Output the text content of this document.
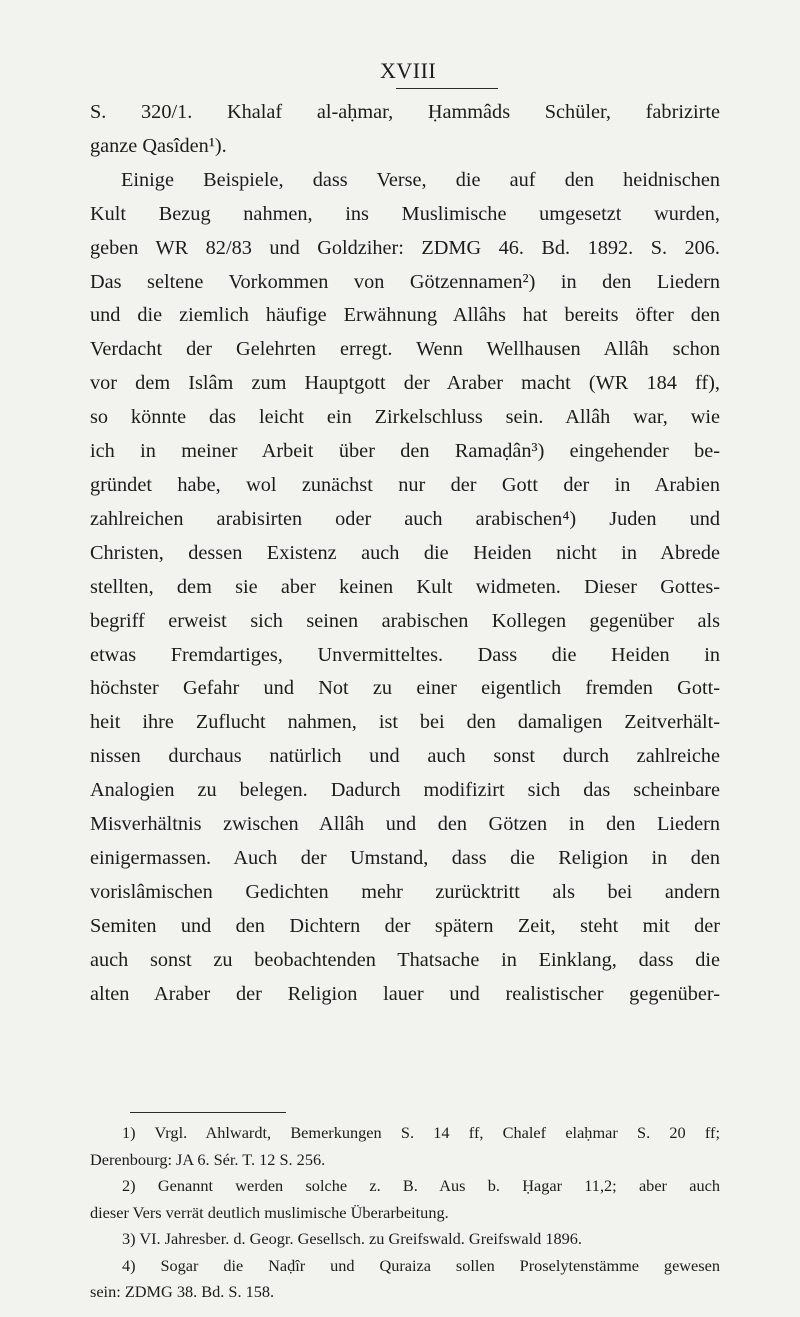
XVIII
S. 320/1. Khalaf al-aḥmar, Ḥammâds Schüler, fabrizirte
ganze Qasîden¹).
Einige Beispiele, dass Verse, die auf den heidnischen
Kult Bezug nahmen, ins Muslimische umgesetzt wurden,
geben WR 82/83 und Goldziher: ZDMG 46. Bd. 1892. S. 206.
Das seltene Vorkommen von Götzennamen²) in den Liedern
und die ziemlich häufige Erwähnung Allâhs hat bereits öfter den
Verdacht der Gelehrten erregt. Wenn Wellhausen Allâh schon
vor dem Islâm zum Hauptgott der Araber macht (WR 184 ff),
so könnte das leicht ein Zirkelschluss sein. Allâh war, wie
ich in meiner Arbeit über den Ramaḍân³) eingehender be-
gründet habe, wol zunächst nur der Gott der in Arabien
zahlreichen arabisirten oder auch arabischen⁴) Juden und
Christen, dessen Existenz auch die Heiden nicht in Abrede
stellten, dem sie aber keinen Kult widmeten. Dieser Gottes-
begriff erweist sich seinen arabischen Kollegen gegenüber als
etwas Fremdartiges, Unvermitteltes. Dass die Heiden in
höchster Gefahr und Not zu einer eigentlich fremden Gott-
heit ihre Zuflucht nahmen, ist bei den damaligen Zeitverhält-
nissen durchaus natürlich und auch sonst durch zahlreiche
Analogien zu belegen. Dadurch modifizirt sich das scheinbare
Misverhältnis zwischen Allâh und den Götzen in den Liedern
einigermassen. Auch der Umstand, dass die Religion in den
vorislâmischen Gedichten mehr zurücktritt als bei andern
Semiten und den Dichtern der spätern Zeit, steht mit der
auch sonst zu beobachtenden Thatsache in Einklang, dass die
alten Araber der Religion lauer und realistischer gegenüber-
1) Vrgl. Ahlwardt, Bemerkungen S. 14 ff, Chalef elaḥmar S. 20 ff;
Derenbourg: JA 6. Sér. T. 12 S. 256.
2) Genannt werden solche z. B. Aus b. Ḥagar 11,2; aber auch
dieser Vers verrät deutlich muslimische Überarbeitung.
3) VI. Jahresber. d. Geogr. Gesellsch. zu Greifswald. Greifswald 1896.
4) Sogar die Naḍîr und Quraiza sollen Proselytenstämme gewesen
sein: ZDMG 38. Bd. S. 158.
